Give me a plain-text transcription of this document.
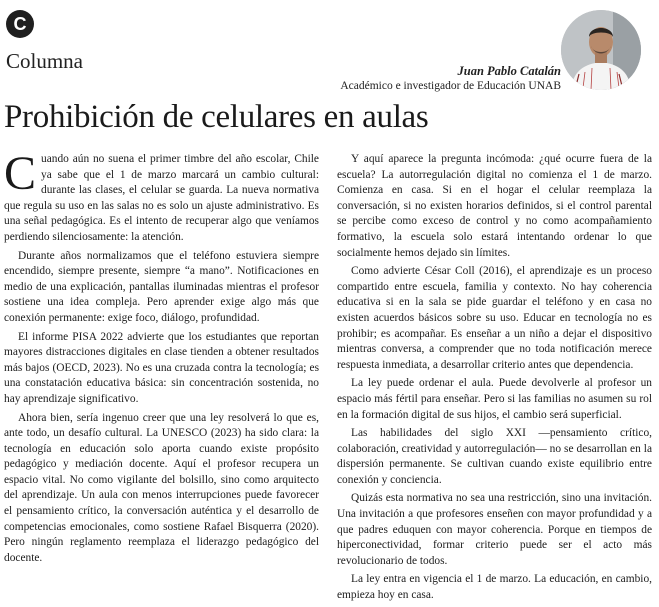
C
Columna	Juan Pablo Catalán
Académico e investigador de Educación UNAB
Prohibición de celulares en aulas

Cuando aún no suena el primer timbre del año escolar, Chile ya sabe que el 1 de marzo marcará un cambio cultural: durante las clases, el celular se guarda. La nueva normativa que regula su uso en las salas no es solo un ajuste administrativo. Es una señal pedagógica. Es el intento de recuperar algo que veníamos perdiendo silenciosamente: la atención.

Durante años normalizamos que el teléfono estuviera siempre encendido, siempre presente, siempre “a mano”. Notificaciones en medio de una explicación, pantallas iluminadas mientras el profesor sostiene una idea compleja. Pero aprender exige algo más que conexión permanente: exige foco, diálogo, profundidad.

El informe PISA 2022 advierte que los estudiantes que reportan mayores distracciones digitales en clase tienden a obtener resultados más bajos (OECD, 2023). No es una cruzada contra la tecnología; es una constatación educativa básica: sin concentración sostenida, no hay aprendizaje significativo.

Ahora bien, sería ingenuo creer que una ley resolverá lo que es, ante todo, un desafío cultural. La UNESCO (2023) ha sido clara: la tecnología en educación solo aporta cuando existe propósito pedagógico y mediación docente. Aquí el profesor recupera un espacio vital. No como vigilante del bolsillo, sino como arquitecto del aprendizaje. Un aula con menos interrupciones puede favorecer el pensamiento crítico, la conversación auténtica y el desarrollo de competencias emocionales, como sostiene Rafael Bisquerra (2020). Pero ningún reglamento reemplaza el liderazgo pedagógico del docente.

Y aquí aparece la pregunta incómoda: ¿qué ocurre fuera de la escuela? La autorregulación digital no comienza el 1 de marzo. Comienza en casa. Si en el hogar el celular reemplaza la conversación, si no existen horarios definidos, si el control parental se percibe como exceso de control y no como acompañamiento formativo, la escuela solo estará intentando ordenar lo que socialmente hemos dejado sin límites.

Como advierte César Coll (2016), el aprendizaje es un proceso compartido entre escuela, familia y contexto. No hay coherencia educativa si en la sala se pide guardar el teléfono y en casa no existen acuerdos básicos sobre su uso. Educar en tecnología no es prohibir; es acompañar. Es enseñar a un niño a dejar el dispositivo mientras conversa, a comprender que no toda notificación merece respuesta inmediata, a desarrollar criterio antes que dependencia.

La ley puede ordenar el aula. Puede devolverle al profesor un espacio más fértil para enseñar. Pero si las familias no asumen su rol en la formación digital de sus hijos, el cambio será superficial.

Las habilidades del siglo XXI —pensamiento crítico, colaboración, creatividad y autorregulación— no se desarrollan en la dispersión permanente. Se cultivan cuando existe equilibrio entre conexión y conciencia.

Quizás esta normativa no sea una restricción, sino una invitación. Una invitación a que profesores enseñen con mayor profundidad y a que padres eduquen con mayor coherencia. Porque en tiempos de hiperconectividad, formar criterio puede ser el acto más revolucionario de todos.

La ley entra en vigencia el 1 de marzo. La educación, en cambio, empieza hoy en casa.
